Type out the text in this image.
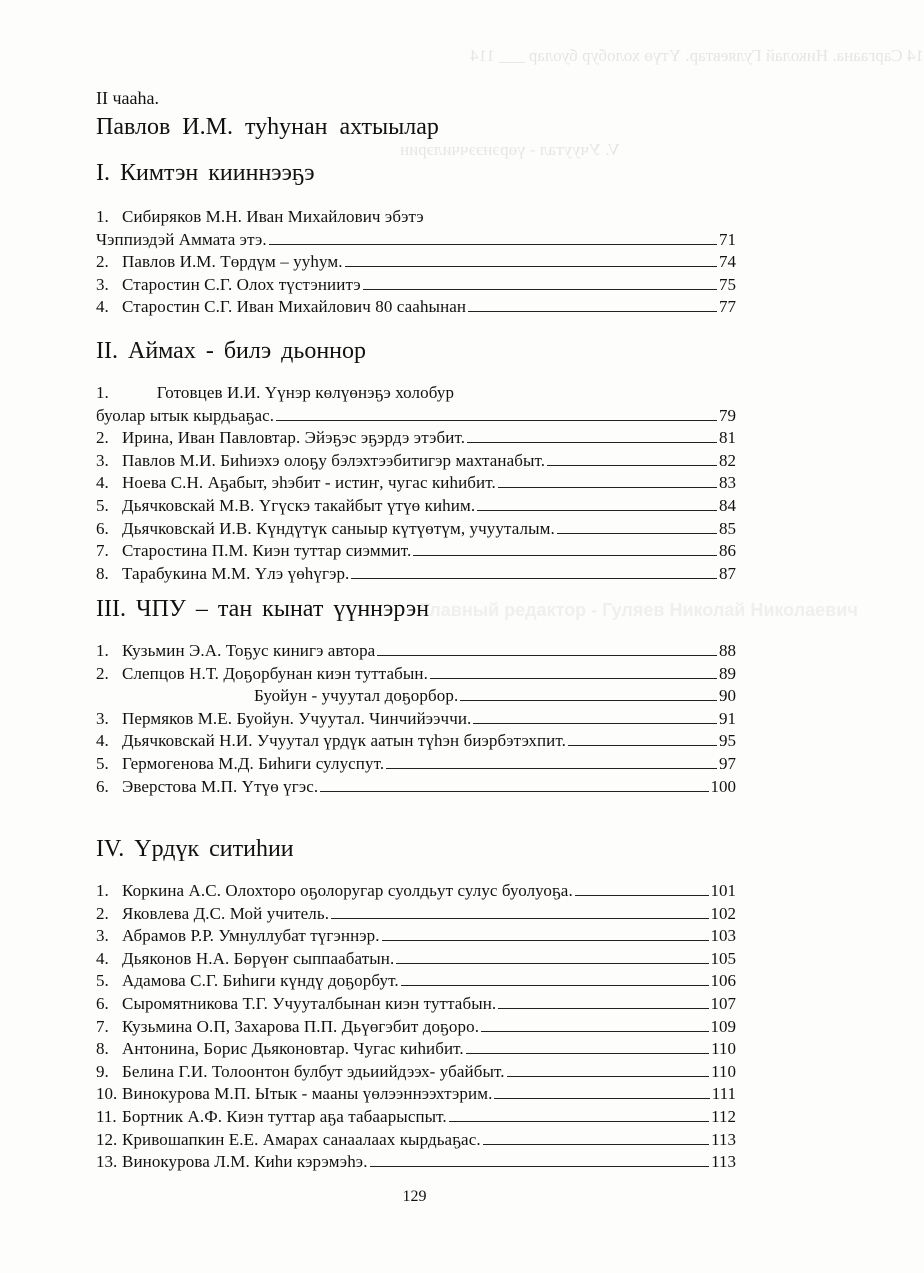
14 Саргаана. Николай Гуляевтар. Үтүө холобур буолар ___ 114
V. Учуутал - үөрэнээччилэрин
Главный редактор - Гуляев Николай Николаевич
II чааһа.
Павлов И.М. туһунан ахтыылар
I. Кимтэн кииннээҕэ
1. Сибиряков М.Н. Иван Михайлович эбэтэ
Чэппиэдэй Аммата этэ.	71
2. Павлов И.М. Төрдүм – ууһум.	74
3. Старостин С.Г. Олох түстэниитэ	75
4. Старостин С.Г. Иван Михайлович 80 сааһынан	77
II. Аймах - билэ дьоннор
1. Готовцев И.И. Үүнэр көлүөнэҕэ холобур
буолар ытык кырдьаҕас.	79
2. Ирина, Иван Павловтар. Эйэҕэс эҕэрдэ этэбит.	81
3. Павлов М.И. Биһиэхэ олоҕу бэлэхтээбитигэр махтанабыт.	82
4. Ноева С.Н. Аҕабыт, эһэбит - истиҥ, чугас киһибит.	83
5. Дьячковскай М.В. Үгүскэ такайбыт үтүө киһим.	84
6. Дьячковскай И.В. Күндүтүк саныыр күтүөтүм, учууталым.	85
7. Старостина П.М. Киэн туттар сиэммит.	86
8. Тарабукина М.М. Үлэ үөһүгэр.	87
III. ЧПУ – тан кынат үүннэрэн
1. Кузьмин Э.А. Тоҕус кинигэ автора	88
2. Слепцов Н.Т. Доҕорбунан киэн туттабын.	89
Буойун - учуутал доҕорбор.	90
3. Пермяков М.Е. Буойун. Учуутал. Чинчийээччи.	91
4. Дьячковскай Н.И. Учуутал үрдүк аатын түһэн биэрбэтэхпит.	95
5. Гермогенова М.Д. Биһиги сулуспут.	97
6. Эверстова М.П. Үтүө үгэс.	100
IV. Үрдүк ситиһии
1. Коркина А.С. Олохторо оҕолоругар суолдьут сулус буолуоҕа.	101
2. Яковлева Д.С. Мой учитель.	102
3. Абрамов Р.Р. Умнуллубат түгэннэр.	103
4. Дьяконов Н.А. Бөрүөҥ сыппаабатын.	105
5. Адамова С.Г. Биһиги күндү доҕорбут.	106
6. Сыромятникова Т.Г. Учууталбынан киэн туттабын.	107
7. Кузьмина О.П, Захарова П.П. Дьүөгэбит доҕоро.	109
8. Антонина, Борис Дьяконовтар. Чугас киһибит.	110
9. Белина Г.И. Толоонтон булбут эдьиийдээх- убайбыт.	110
10. Винокурова М.П. Ытык - мааны үөлээннээхтэрим.	111
11. Бортник А.Ф. Киэн туттар аҕа табаарыспыт.	112
12. Кривошапкин Е.Е. Амарах санаалаах кырдьаҕас.	113
13. Винокурова Л.М. Киһи кэрэмэһэ.	113
129
